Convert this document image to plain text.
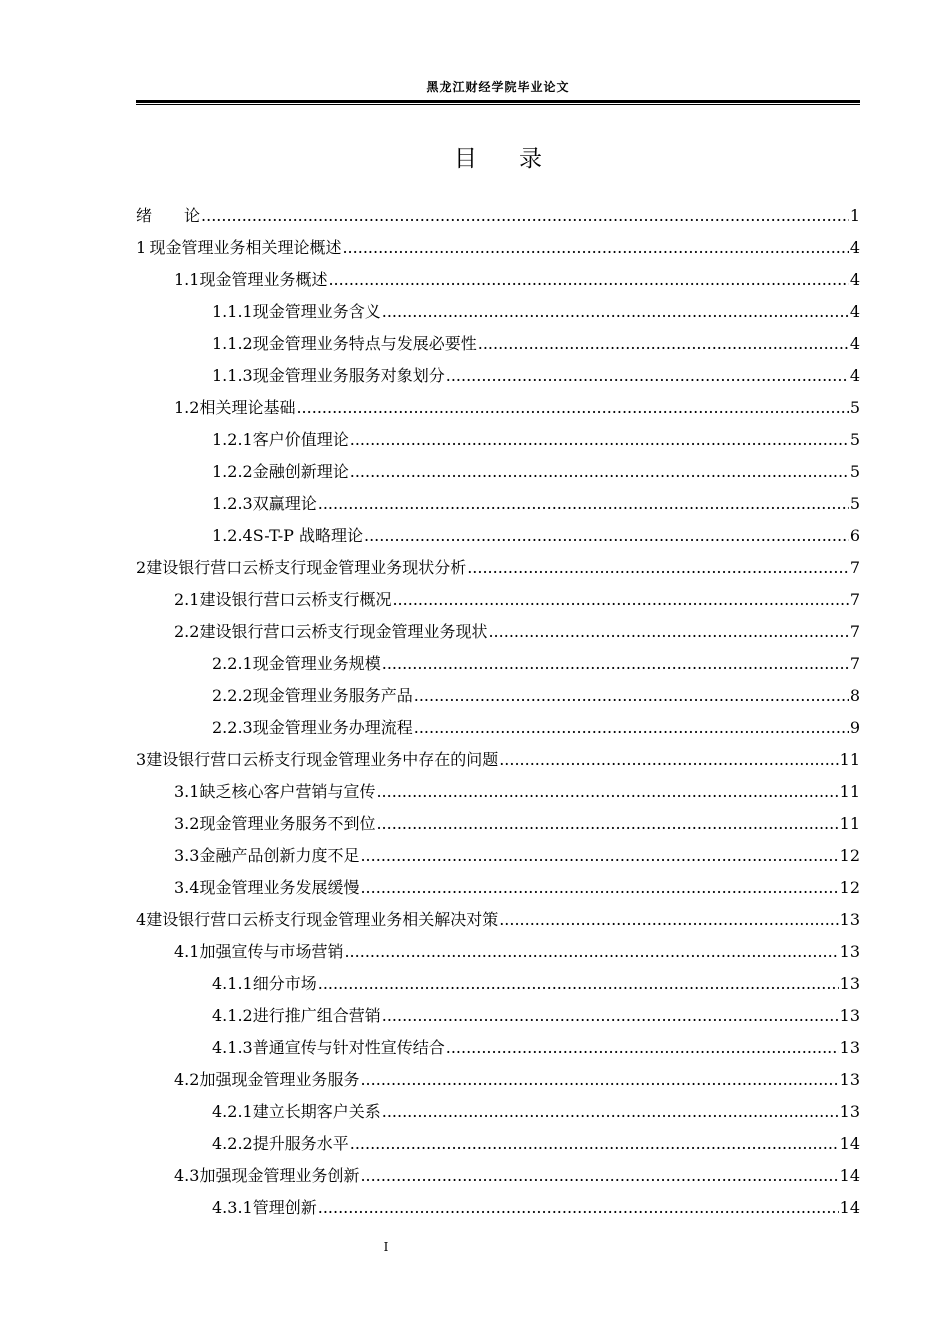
黑龙江财经学院毕业论文
目 录
绪　　论 .....	1
1 现金管理业务相关理论概述 .....	4
1.1 现金管理业务概述 .....	4
1.1.1 现金管理业务含义 .....	4
1.1.2 现金管理业务特点与发展必要性 .....	4
1.1.3 现金管理业务服务对象划分 .....	4
1.2 相关理论基础 .....	5
1.2.1 客户价值理论 .....	5
1.2.2 金融创新理论 .....	5
1.2.3 双赢理论 .....	5
1.2.4 S-T-P 战略理论 .....	6
2 建设银行营口云桥支行现金管理业务现状分析 .....	7
2.1 建设银行营口云桥支行概况 .....	7
2.2 建设银行营口云桥支行现金管理业务现状 .....	7
2.2.1 现金管理业务规模 .....	7
2.2.2 现金管理业务服务产品 .....	8
2.2.3 现金管理业务办理流程 .....	9
3 建设银行营口云桥支行现金管理业务中存在的问题 .....	11
3.1 缺乏核心客户营销与宣传 .....	11
3.2 现金管理业务服务不到位 .....	11
3.3 金融产品创新力度不足 .....	12
3.4 现金管理业务发展缓慢 .....	12
4 建设银行营口云桥支行现金管理业务相关解决对策 .....	13
4.1 加强宣传与市场营销 .....	13
4.1.1 细分市场 .....	13
4.1.2 进行推广组合营销 .....	13
4.1.3 普通宣传与针对性宣传结合 .....	13
4.2 加强现金管理业务服务 .....	13
4.2.1 建立长期客户关系 .....	13
4.2.2 提升服务水平 .....	14
4.3 加强现金管理业务创新 .....	14
4.3.1 管理创新 .....	14
I
